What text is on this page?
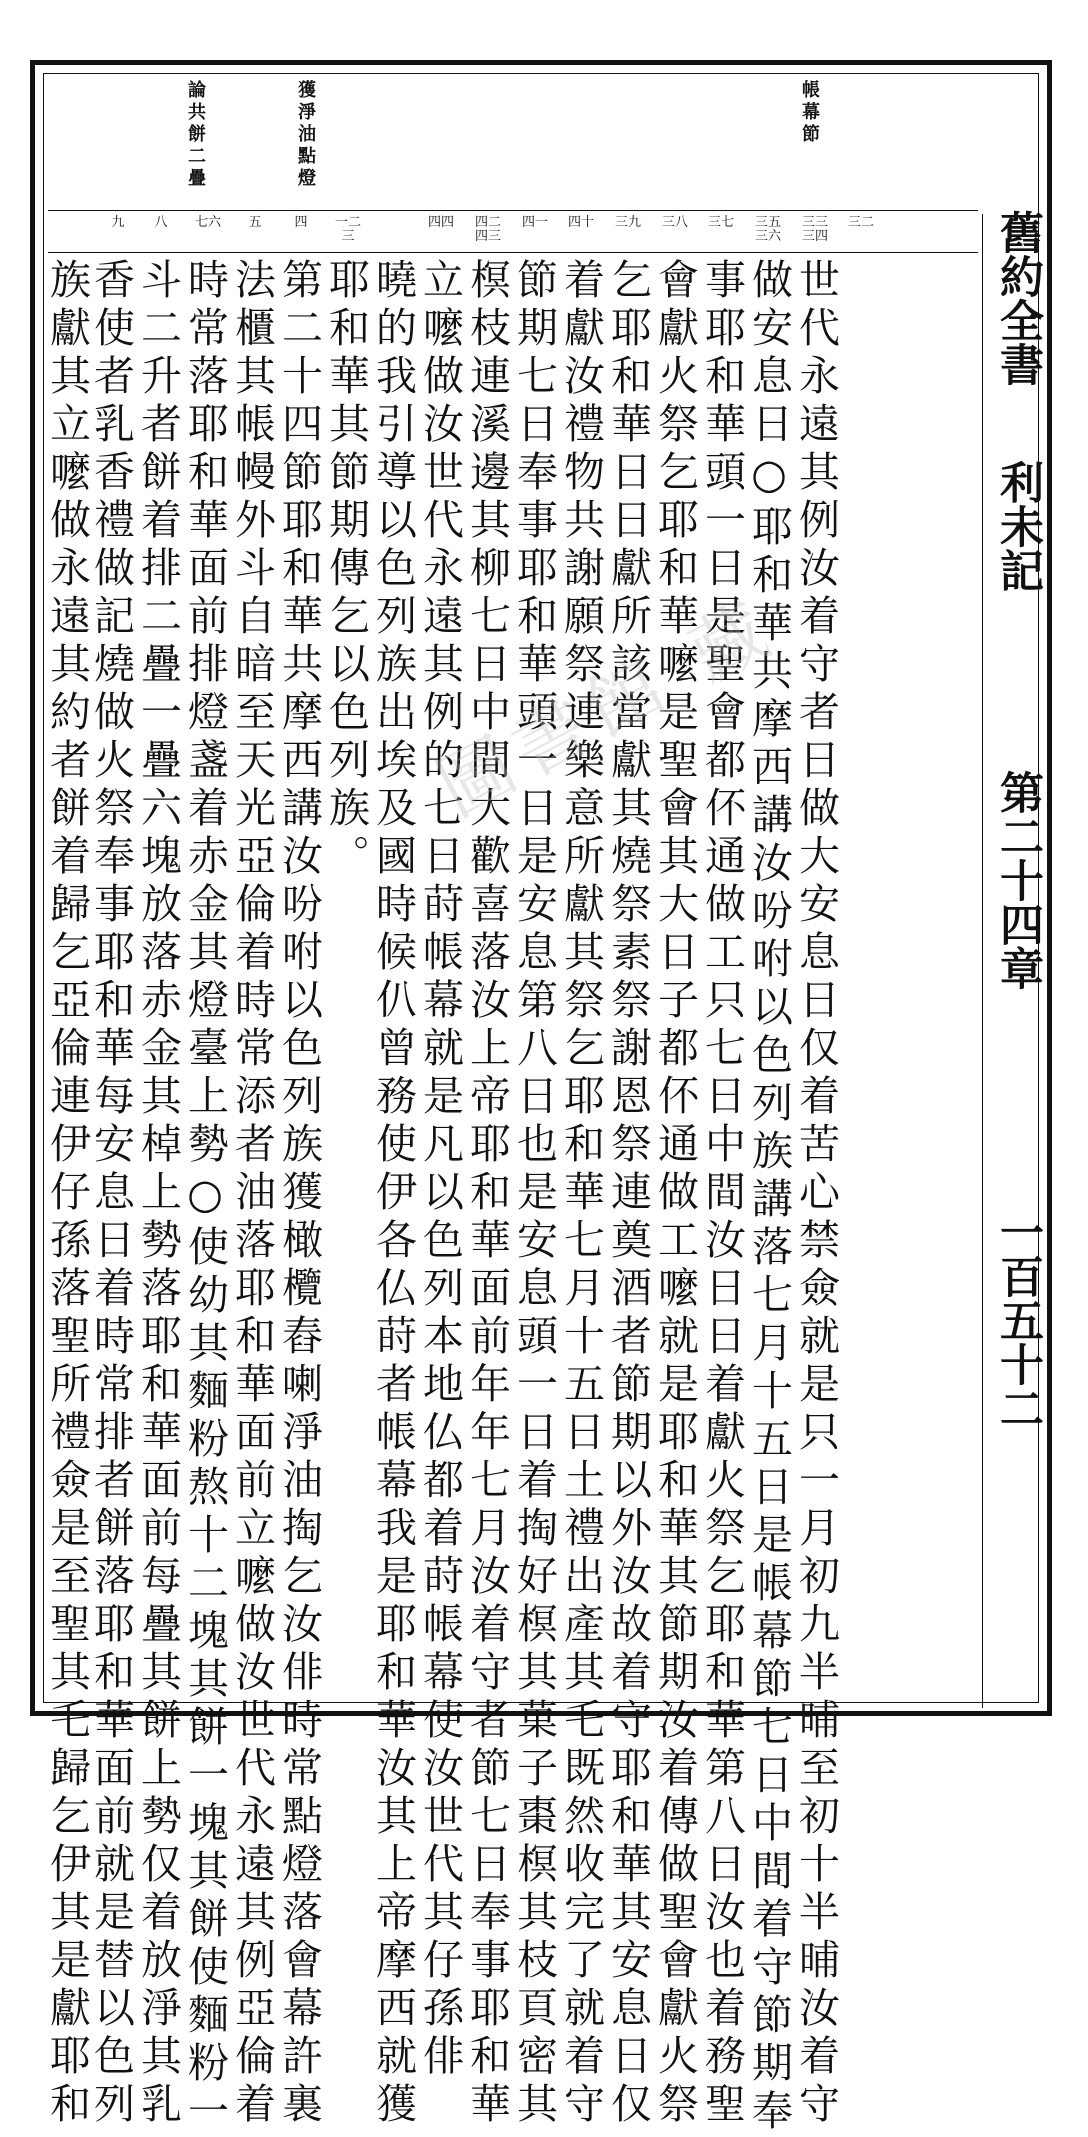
帳幕節
獲淨油點燈
論共餅二疊
三二
三三三四
三五三六
三七
三八
三九
四十
四一
四二四三
四四
一二三
四
五
七六
八
九
世代永遠其例汝着守者日做大安息日仅着苦心禁僉就是只一月初九半晡至初十半晡汝着守
做安息日○耶和華共摩西講汝吩咐以色列族講落七月十五日是帳幕節七日中間着守節期奉
事耶和華頭一日是聖會都伓通做工只七日中間汝日日着獻火祭乞耶和華第八日汝也着務聖
會獻火祭乞耶和華嚒是聖會其大日子都伓通做工嚒就是耶和華其節期汝着傳做聖會獻火祭
乞耶和華日日獻所該當獻其燒祭素祭謝恩祭連奠酒者節期以外汝故着守耶和華其安息日仅
着獻汝禮物共謝願祭連樂意所獻其祭乞耶和華七月十五日土禮出產其乇既然收完了就着守
節期七日奉事耶和華頭一日是安息第八日也是安息頭一日着掏好榠其菓子棗榠其枝頁密其
榠枝連溪邊其柳七日中間大歡喜落汝上帝耶和華面前年年七月汝着守者節七日奉事耶和華
立嚒做汝世代永遠其例的七日莳帳幕就是凡以色列本地仏都着莳帳幕使汝世代其仔孫俳
曉的我引導以色列族出埃及國時候仈曾務使伊各仏莳者帳幕我是耶和華汝其上帝摩西就獲
耶和華其節期傳乞以色列族。
第二十四節耶和華共摩西講汝吩咐以色列族獲橄欖舂喇淨油掏乞汝俳時常點燈落會幕許裏
法櫃其帳幔外斗自暗至天光亞倫着時常添者油落耶和華面前立嚒做汝世代永遠其例亞倫着
時常落耶和華面前排燈盞着赤金其燈臺上勢○使幼其麵粉熬十二塊其餅一塊其餅使麵粉一
斗二升者餅着排二疊一疊六塊放落赤金其棹上勢落耶和華面前每疊其餅上勢仅着放淨其乳
香使者乳香禮做記燒做火祭奉事耶和華每安息日着時常排者餅落耶和華面前就是替以色列
族獻其立嚒做永遠其約者餅着歸乞亞倫連伊仔孫落聖所禮僉是至聖其乇歸乞伊其是獻耶和	舊約全書
利未記
第二十四章
一百五十二
圖書館 藏
